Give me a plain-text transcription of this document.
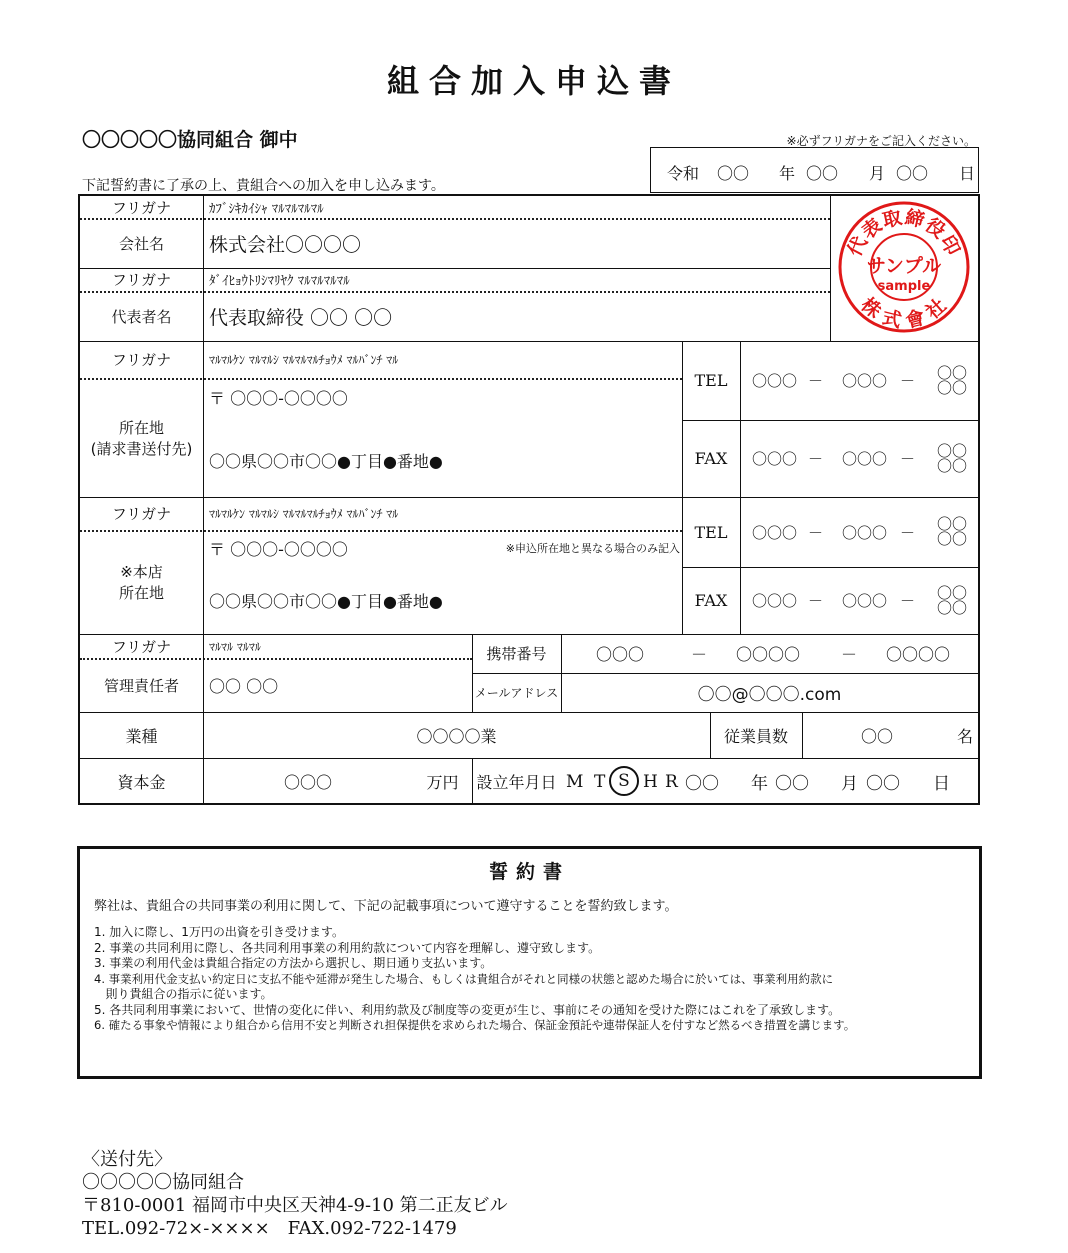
組合加入申込書
〇〇〇〇〇協同組合 御中	※必ずフリガナをご記入ください。
下記誓約書に了承の上、貴組合への加入を申し込みます。
令和 〇〇 年 〇〇 月 〇〇 日
フリガナ	ｶﾌﾞｼｷｶｲｼｬ ﾏﾙﾏﾙﾏﾙﾏﾙ
会社名	株式会社〇〇〇〇
フリガナ	ﾀﾞｲﾋｮｳﾄﾘｼﾏﾘﾔｸ ﾏﾙﾏﾙﾏﾙﾏﾙ
代表者名	代表取締役 〇〇 〇〇
フリガナ	ﾏﾙﾏﾙｹﾝ ﾏﾙﾏﾙｼ ﾏﾙﾏﾙﾏﾙﾁｮｳﾒ ﾏﾙﾊﾞﾝﾁ ﾏﾙ
所在地
(請求書送付先)
〒 〇〇〇-〇〇〇〇
〇〇県〇〇市〇〇●丁目●番地●
TEL	〇〇〇 － 〇〇〇 －	〇〇〇〇
FAX	〇〇〇 － 〇〇〇 －	〇〇〇〇
フリガナ	ﾏﾙﾏﾙｹﾝ ﾏﾙﾏﾙｼ ﾏﾙﾏﾙﾏﾙﾁｮｳﾒ ﾏﾙﾊﾞﾝﾁ ﾏﾙ
※本店
所在地
〒 〇〇〇-〇〇〇〇	※申込所在地と異なる場合のみ記入
〇〇県〇〇市〇〇●丁目●番地●
TEL	〇〇〇 － 〇〇〇 －	〇〇〇〇
FAX	〇〇〇 － 〇〇〇 －	〇〇〇〇
フリガナ	ﾏﾙﾏﾙ ﾏﾙﾏﾙ
管理責任者	〇〇 〇〇
携帯番号	〇〇〇	－ 〇〇〇〇	－ 〇〇〇〇
メールアドレス	〇〇@〇〇〇.com
業種	〇〇〇〇業	従業員数	〇〇	名
資本金	〇〇〇	万円	設立年月日 M T S H R 〇〇 年 〇〇 月 〇〇 日
代表取締役印
株式會社
サンプル
sample
誓約書
弊社は、貴組合の共同事業の利用に関して、下記の記載事項について遵守することを誓約致します。
1. 加入に際し、1万円の出資を引き受けます。
2. 事業の共同利用に際し、各共同利用事業の利用約款について内容を理解し、遵守致します。
3. 事業の利用代金は貴組合指定の方法から選択し、期日通り支払います。
4. 事業利用代金支払い約定日に支払不能や延滞が発生した場合、もしくは貴組合がそれと同様の状態と認めた場合に於いては、事業利用約款に
則り貴組合の指示に従います。
5. 各共同利用事業において、世情の変化に伴い、利用約款及び制度等の変更が生じ、事前にその通知を受けた際にはこれを了承致します。
6. 確たる事象や情報により組合から信用不安と判断され担保提供を求められた場合、保証金預託や連帯保証人を付すなど然るべき措置を講じます。
〈送付先〉
〇〇〇〇〇協同組合
〒810-0001 福岡市中央区天神4-9-10 第二正友ビル
TEL.092-72×-××××　FAX.092-722-1479
